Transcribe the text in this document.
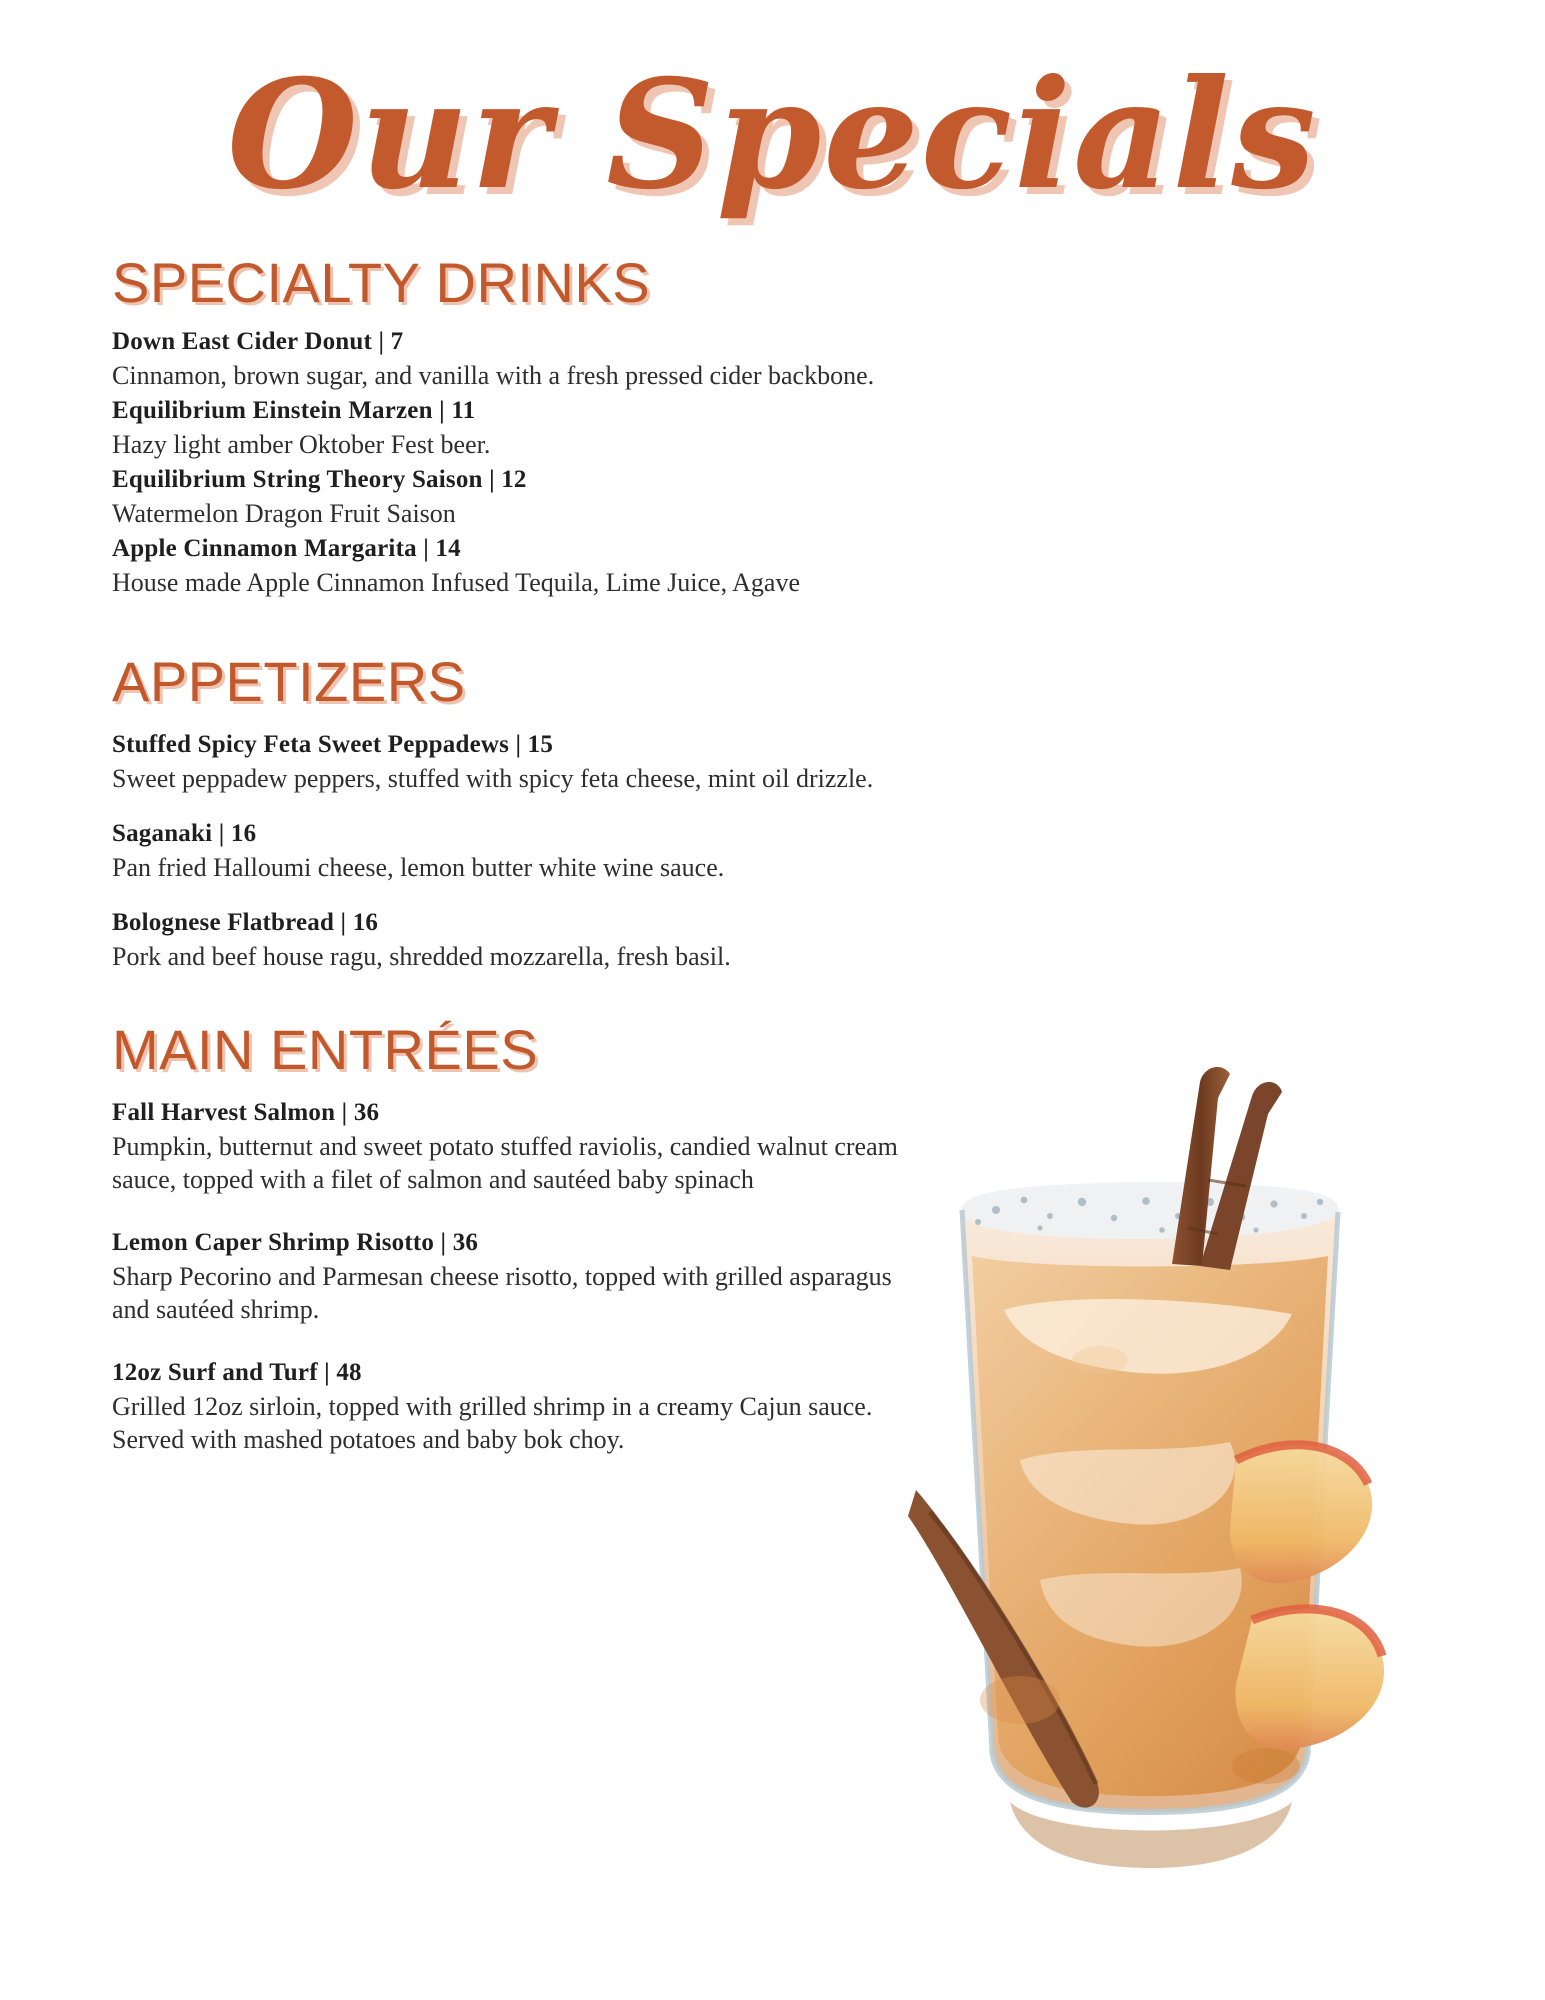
Our Specials
SPECIALTY DRINKS

Down East Cider Donut | 7

Cinnamon, brown sugar, and vanilla with a fresh pressed cider backbone.

Equilibrium Einstein Marzen | 11

Hazy light amber Oktober Fest beer.

Equilibrium String Theory Saison | 12

Watermelon Dragon Fruit Saison

Apple Cinnamon Margarita | 14

House made Apple Cinnamon Infused Tequila, Lime Juice, Agave

APPETIZERS

Stuffed Spicy Feta Sweet Peppadews | 15

Sweet peppadew peppers, stuffed with spicy feta cheese, mint oil drizzle.

Saganaki | 16

Pan fried Halloumi cheese, lemon butter white wine sauce.

Bolognese Flatbread | 16

Pork and beef house ragu, shredded mozzarella, fresh basil.

MAIN ENTRÉES

Fall Harvest Salmon | 36

Pumpkin, butternut and sweet potato stuffed raviolis, candied walnut cream sauce, topped with a filet of salmon and sautéed baby spinach

Lemon Caper Shrimp Risotto | 36

Sharp Pecorino and Parmesan cheese risotto, topped with grilled asparagus and sautéed shrimp.

12oz Surf and Turf | 48

Grilled 12oz sirloin, topped with grilled shrimp in a creamy Cajun sauce. Served with mashed potatoes and baby bok choy.
